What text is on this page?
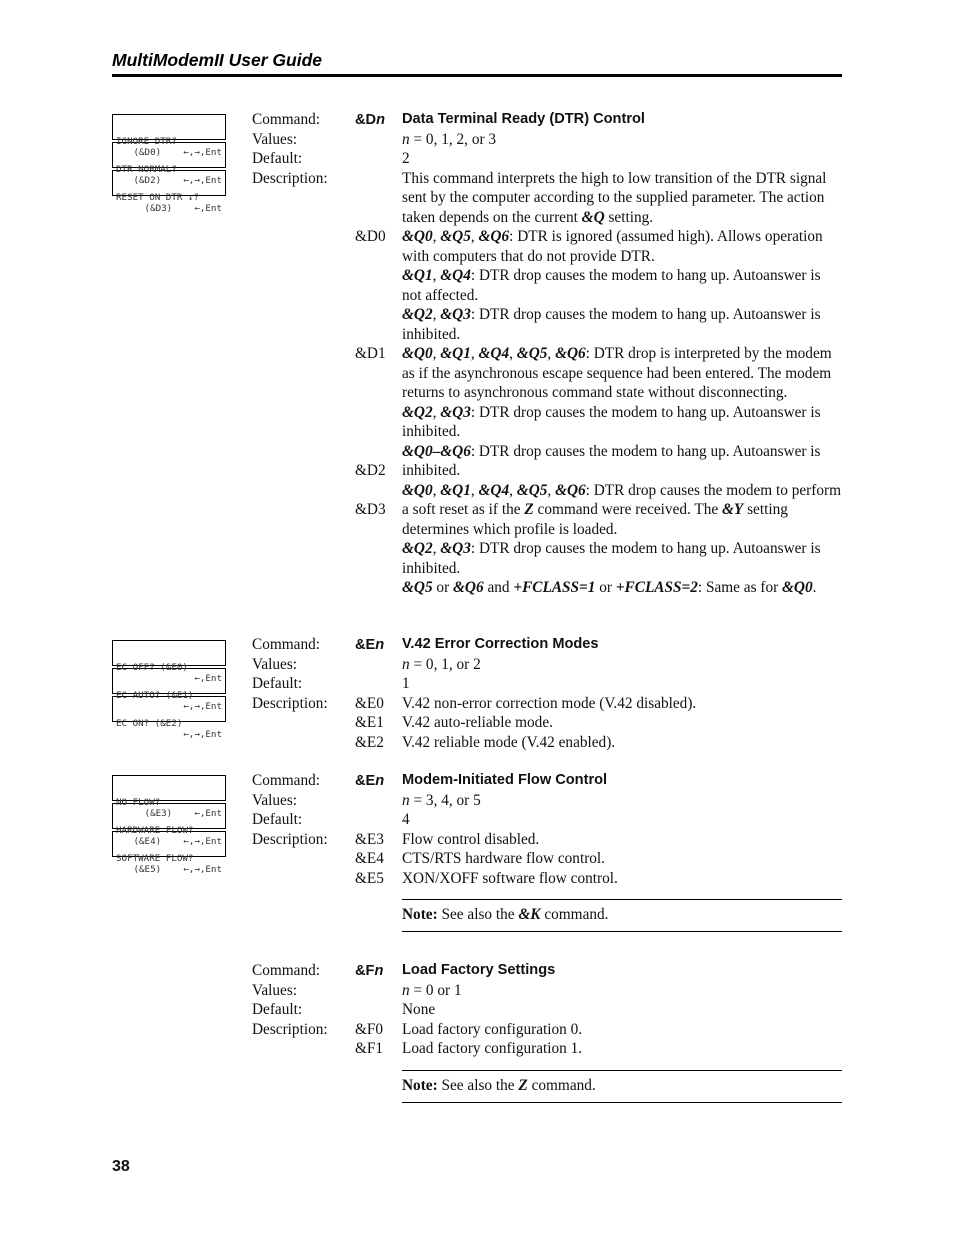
MultiModemII User Guide

IGNORE DTR?
(&D0)    ←,→,Ent

DTR NORMAL?
(&D2)    ←,→,Ent

RESET ON DTR ↓?
(&D3)    ←,Ent

Command:
Values:
Default:
Description:
&Dn
&D0
&D1
&D2
&D3
Data Terminal Ready (DTR) Control
n = 0, 1, 2, or 3
2
This command interprets the high to low transition of the DTR signal sent by the computer according to the supplied parameter. The action taken depends on the current &Q setting.
&Q0, &Q5, &Q6: DTR is ignored (assumed high). Allows operation with computers that do not provide DTR.
&Q1, &Q4: DTR drop causes the modem to hang up. Autoanswer is not affected.
&Q2, &Q3: DTR drop causes the modem to hang up. Autoanswer is inhibited.
&Q0, &Q1, &Q4, &Q5, &Q6: DTR drop is interpreted by the modem as if the asynchronous escape sequence had been entered. The modem returns to asynchronous command state without disconnecting.
&Q2, &Q3: DTR drop causes the modem to hang up. Autoanswer is inhibited.
&Q0–&Q6: DTR drop causes the modem to hang up. Autoanswer is inhibited.
&Q0, &Q1, &Q4, &Q5, &Q6: DTR drop causes the modem to perform a soft reset as if the Z command were received. The &Y setting determines which profile is loaded.
&Q2, &Q3: DTR drop causes the modem to hang up. Autoanswer is inhibited.
&Q5 or &Q6 and +FCLASS=1 or +FCLASS=2: Same as for &Q0.

EC OFF? (&E0)
←,Ent

EC AUTO? (&E1)
←,→,Ent

EC ON? (&E2)
←,→,Ent

Command:
Values:
Default:
Description:
&En
&E0
&E1
&E2
V.42 Error Correction Modes
n = 0, 1, or 2
1
V.42 non-error correction mode (V.42 disabled).
V.42 auto-reliable mode.
V.42 reliable mode (V.42 enabled).

NO FLOW?
(&E3)    ←,Ent

HARDWARE FLOW?
(&E4)    ←,→,Ent

SOFTWARE FLOW?
(&E5)    ←,→,Ent

Command:
Values:
Default:
Description:
&En
&E3
&E4
&E5
Modem-Initiated Flow Control
n = 3, 4, or 5
4
Flow control disabled.
CTS/RTS hardware flow control.
XON/XOFF software flow control.
Note: See also the &K command.
Command:
Values:
Default:
Description:
&Fn
&F0
&F1
Load Factory Settings
n = 0 or 1
None
Load factory configuration 0.
Load factory configuration 1.
Note: See also the Z command.
38
